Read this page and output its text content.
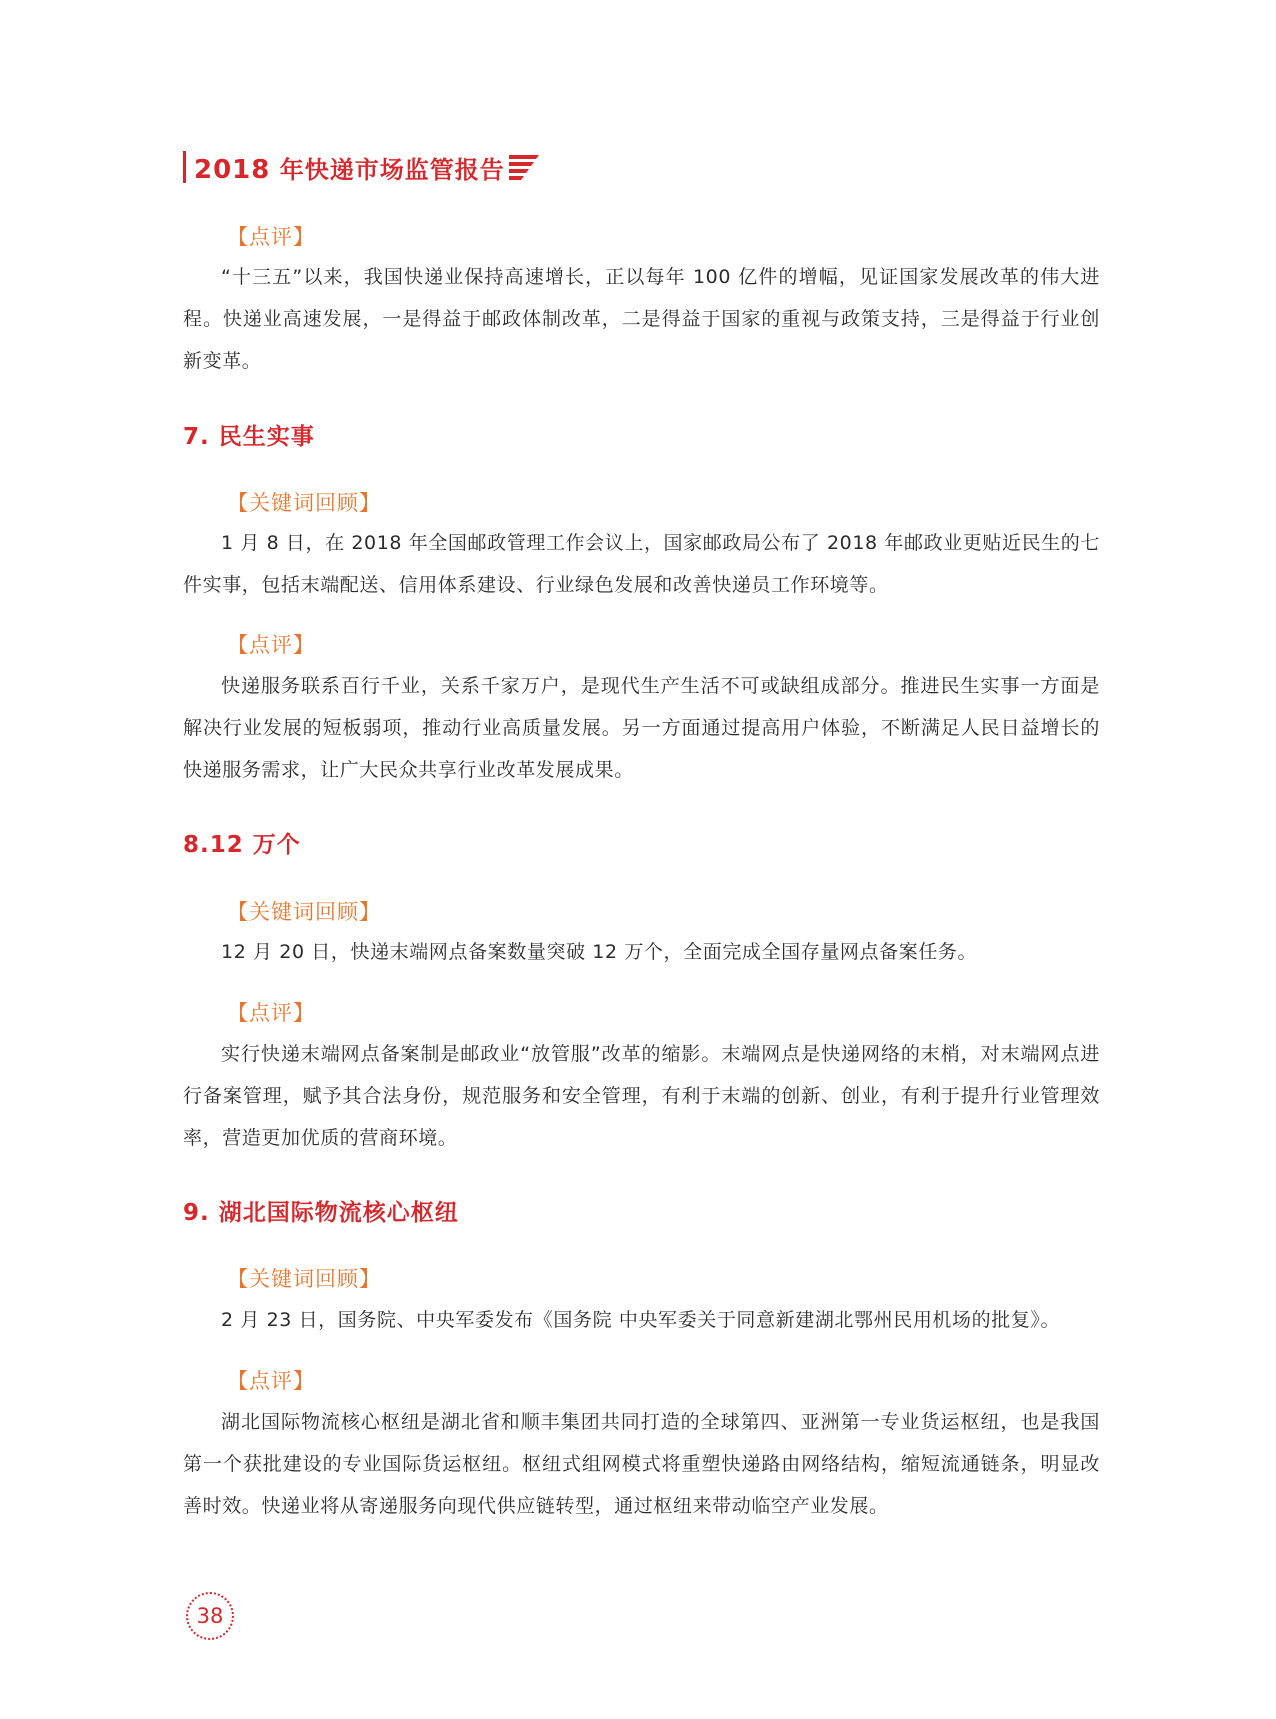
2018 年快递市场监管报告
【点评】
“十三五”以来，我国快递业保持高速增长，正以每年 100 亿件的增幅，见证国家发展改革的伟大进程。快递业高速发展，一是得益于邮政体制改革，二是得益于国家的重视与政策支持，三是得益于行业创新变革。
7. 民生实事
【关键词回顾】
1 月 8 日，在 2018 年全国邮政管理工作会议上，国家邮政局公布了 2018 年邮政业更贴近民生的七件实事，包括末端配送、信用体系建设、行业绿色发展和改善快递员工作环境等。
【点评】
快递服务联系百行千业，关系千家万户，是现代生产生活不可或缺组成部分。推进民生实事一方面是解决行业发展的短板弱项，推动行业高质量发展。另一方面通过提高用户体验，不断满足人民日益增长的快递服务需求，让广大民众共享行业改革发展成果。
8.12 万个
【关键词回顾】
12 月 20 日，快递末端网点备案数量突破 12 万个，全面完成全国存量网点备案任务。
【点评】
实行快递末端网点备案制是邮政业“放管服”改革的缩影。末端网点是快递网络的末梢，对末端网点进行备案管理，赋予其合法身份，规范服务和安全管理，有利于末端的创新、创业，有利于提升行业管理效率，营造更加优质的营商环境。
9. 湖北国际物流核心枢纽
【关键词回顾】
2 月 23 日，国务院、中央军委发布《国务院 中央军委关于同意新建湖北鄂州民用机场的批复》。
【点评】
湖北国际物流核心枢纽是湖北省和顺丰集团共同打造的全球第四、亚洲第一专业货运枢纽，也是我国第一个获批建设的专业国际货运枢纽。枢纽式组网模式将重塑快递路由网络结构，缩短流通链条，明显改善时效。快递业将从寄递服务向现代供应链转型，通过枢纽来带动临空产业发展。
38
